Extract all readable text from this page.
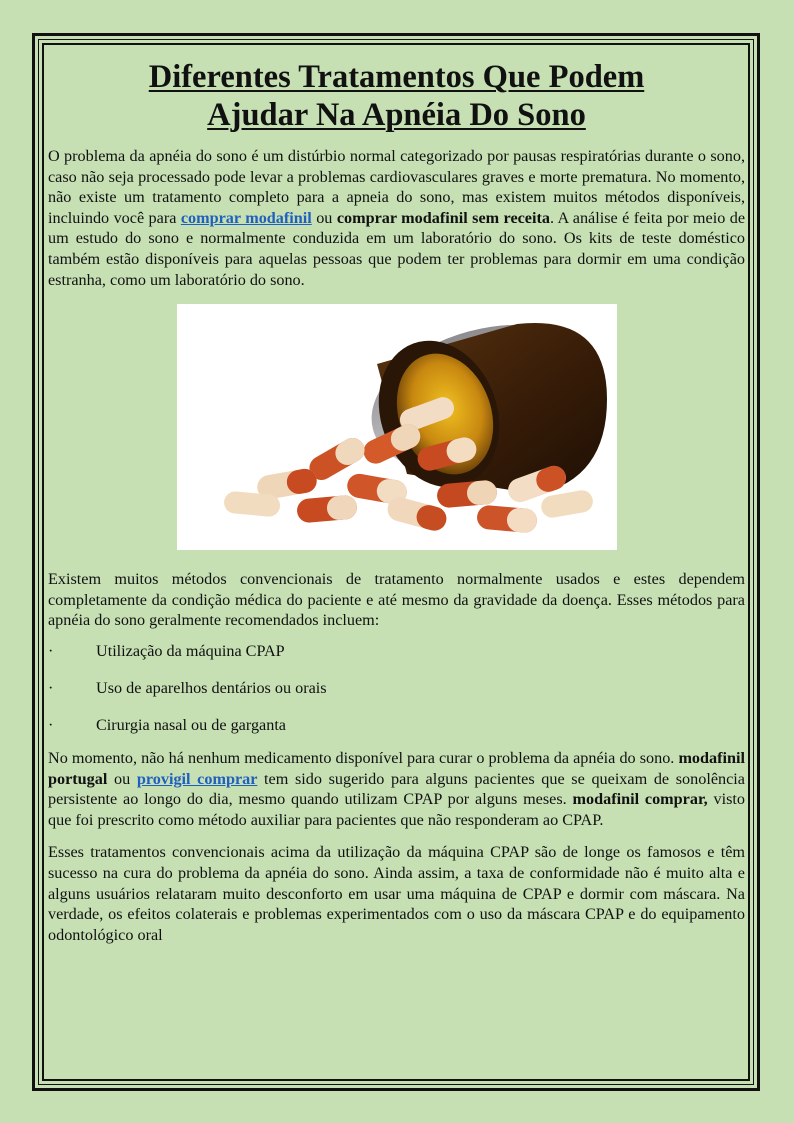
Diferentes Tratamentos Que Podem
Ajudar Na Apnéia Do Sono

O problema da apnéia do sono é um distúrbio normal categorizado por pausas respiratórias durante o sono, caso não seja processado pode levar a problemas cardiovasculares graves e morte prematura. No momento, não existe um tratamento completo para a apneia do sono, mas existem muitos métodos disponíveis, incluindo você para comprar modafinil ou comprar modafinil sem receita. A análise é feita por meio de um estudo do sono e normalmente conduzida em um laboratório do sono. Os kits de teste doméstico também estão disponíveis para aquelas pessoas que podem ter problemas para dormir em uma condição estranha, como um laboratório do sono.

Existem muitos métodos convencionais de tratamento normalmente usados e estes dependem completamente da condição médica do paciente e até mesmo da gravidade da doença. Esses métodos para apnéia do sono geralmente recomendados incluem:

·	Utilização da máquina CPAP
·	Uso de aparelhos dentários ou orais
·	Cirurgia nasal ou de garganta

No momento, não há nenhum medicamento disponível para curar o problema da apnéia do sono. modafinil portugal ou provigil comprar tem sido sugerido para alguns pacientes que se queixam de sonolência persistente ao longo do dia, mesmo quando utilizam CPAP por alguns meses. modafinil comprar, visto que foi prescrito como método auxiliar para pacientes que não responderam ao CPAP.

Esses tratamentos convencionais acima da utilização da máquina CPAP são de longe os famosos e têm sucesso na cura do problema da apnéia do sono. Ainda assim, a taxa de conformidade não é muito alta e alguns usuários relataram muito desconforto em usar uma máquina de CPAP e dormir com máscara. Na verdade, os efeitos colaterais e problemas experimentados com o uso da máscara CPAP e do equipamento odontológico oral
